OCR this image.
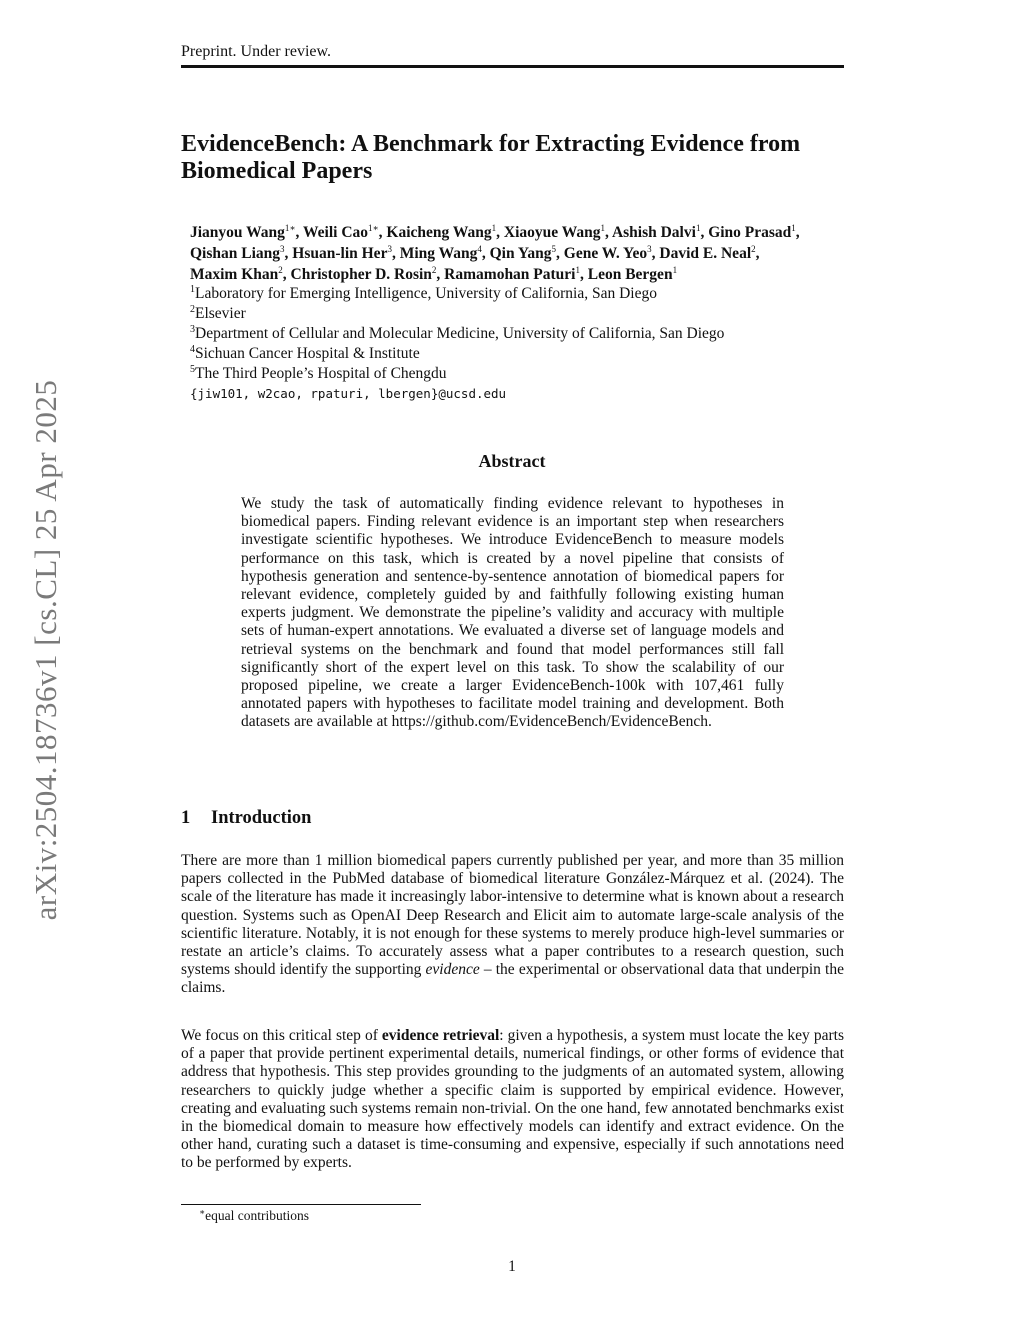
Preprint. Under review.
arXiv:2504.18736v1 [cs.CL] 25 Apr 2025
EvidenceBench: A Benchmark for Extracting Evidence from Biomedical Papers
Jianyou Wang$^{1∗}$, Weili Cao$^{1∗}$, Kaicheng Wang$^1$, Xiaoyue Wang$^1$, Ashish Dalvi$^1$, Gino Prasad$^1$,
Qishan Liang$^3$, Hsuan-lin Her$^3$, Ming Wang$^4$, Qin Yang$^5$, Gene W. Yeo$^3$, David E. Neal$^2$,
Maxim Khan$^2$, Christopher D. Rosin$^2$, Ramamohan Paturi$^1$, Leon Bergen$^1$
$^1$Laboratory for Emerging Intelligence, University of California, San Diego
$^2$Elsevier
$^3$Department of Cellular and Molecular Medicine, University of California, San Diego
$^4$Sichuan Cancer Hospital & Institute
$^5$The Third People’s Hospital of Chengdu
{jiw101, w2cao, rpaturi, lbergen}@ucsd.edu
Abstract

We study the task of automatically finding evidence relevant to hypotheses in biomedical papers. Finding relevant evidence is an important step when researchers investigate scientific hypotheses. We introduce EvidenceBench to measure models performance on this task, which is created by a novel pipeline that consists of hypothesis generation and sentence-by-sentence annotation of biomedical papers for relevant evidence, completely guided by and faithfully following existing human experts judgment. We demonstrate the pipeline’s validity and accuracy with multiple sets of human-expert annotations. We evaluated a diverse set of language models and retrieval systems on the benchmark and found that model performances still fall significantly short of the expert level on this task. To show the scalability of our proposed pipeline, we create a larger EvidenceBench-100k with 107,461 fully annotated papers with hypotheses to facilitate model training and development. Both datasets are available at https://github.com/EvidenceBench/EvidenceBench.

1 Introduction

There are more than 1 million biomedical papers currently published per year, and more than 35 million papers collected in the PubMed database of biomedical literature González-Márquez et al. (2024). The scale of the literature has made it increasingly labor-intensive to determine what is known about a research question. Systems such as OpenAI Deep Research and Elicit aim to automate large-scale analysis of the scientific literature. Notably, it is not enough for these systems to merely produce high-level summaries or restate an article’s claims. To accurately assess what a paper contributes to a research question, such systems should identify the supporting evidence – the experimental or observational data that underpin the claims.

We focus on this critical step of evidence retrieval: given a hypothesis, a system must locate the key parts of a paper that provide pertinent experimental details, numerical findings, or other forms of evidence that address that hypothesis. This step provides grounding to the judgments of an automated system, allowing researchers to quickly judge whether a specific claim is supported by empirical evidence. However, creating and evaluating such systems remain non-trivial. On the one hand, few annotated benchmarks exist in the biomedical domain to measure how effectively models can identify and extract evidence. On the other hand, curating such a dataset is time-consuming and expensive, especially if such annotations need to be performed by experts.

∗equal contributions
1
